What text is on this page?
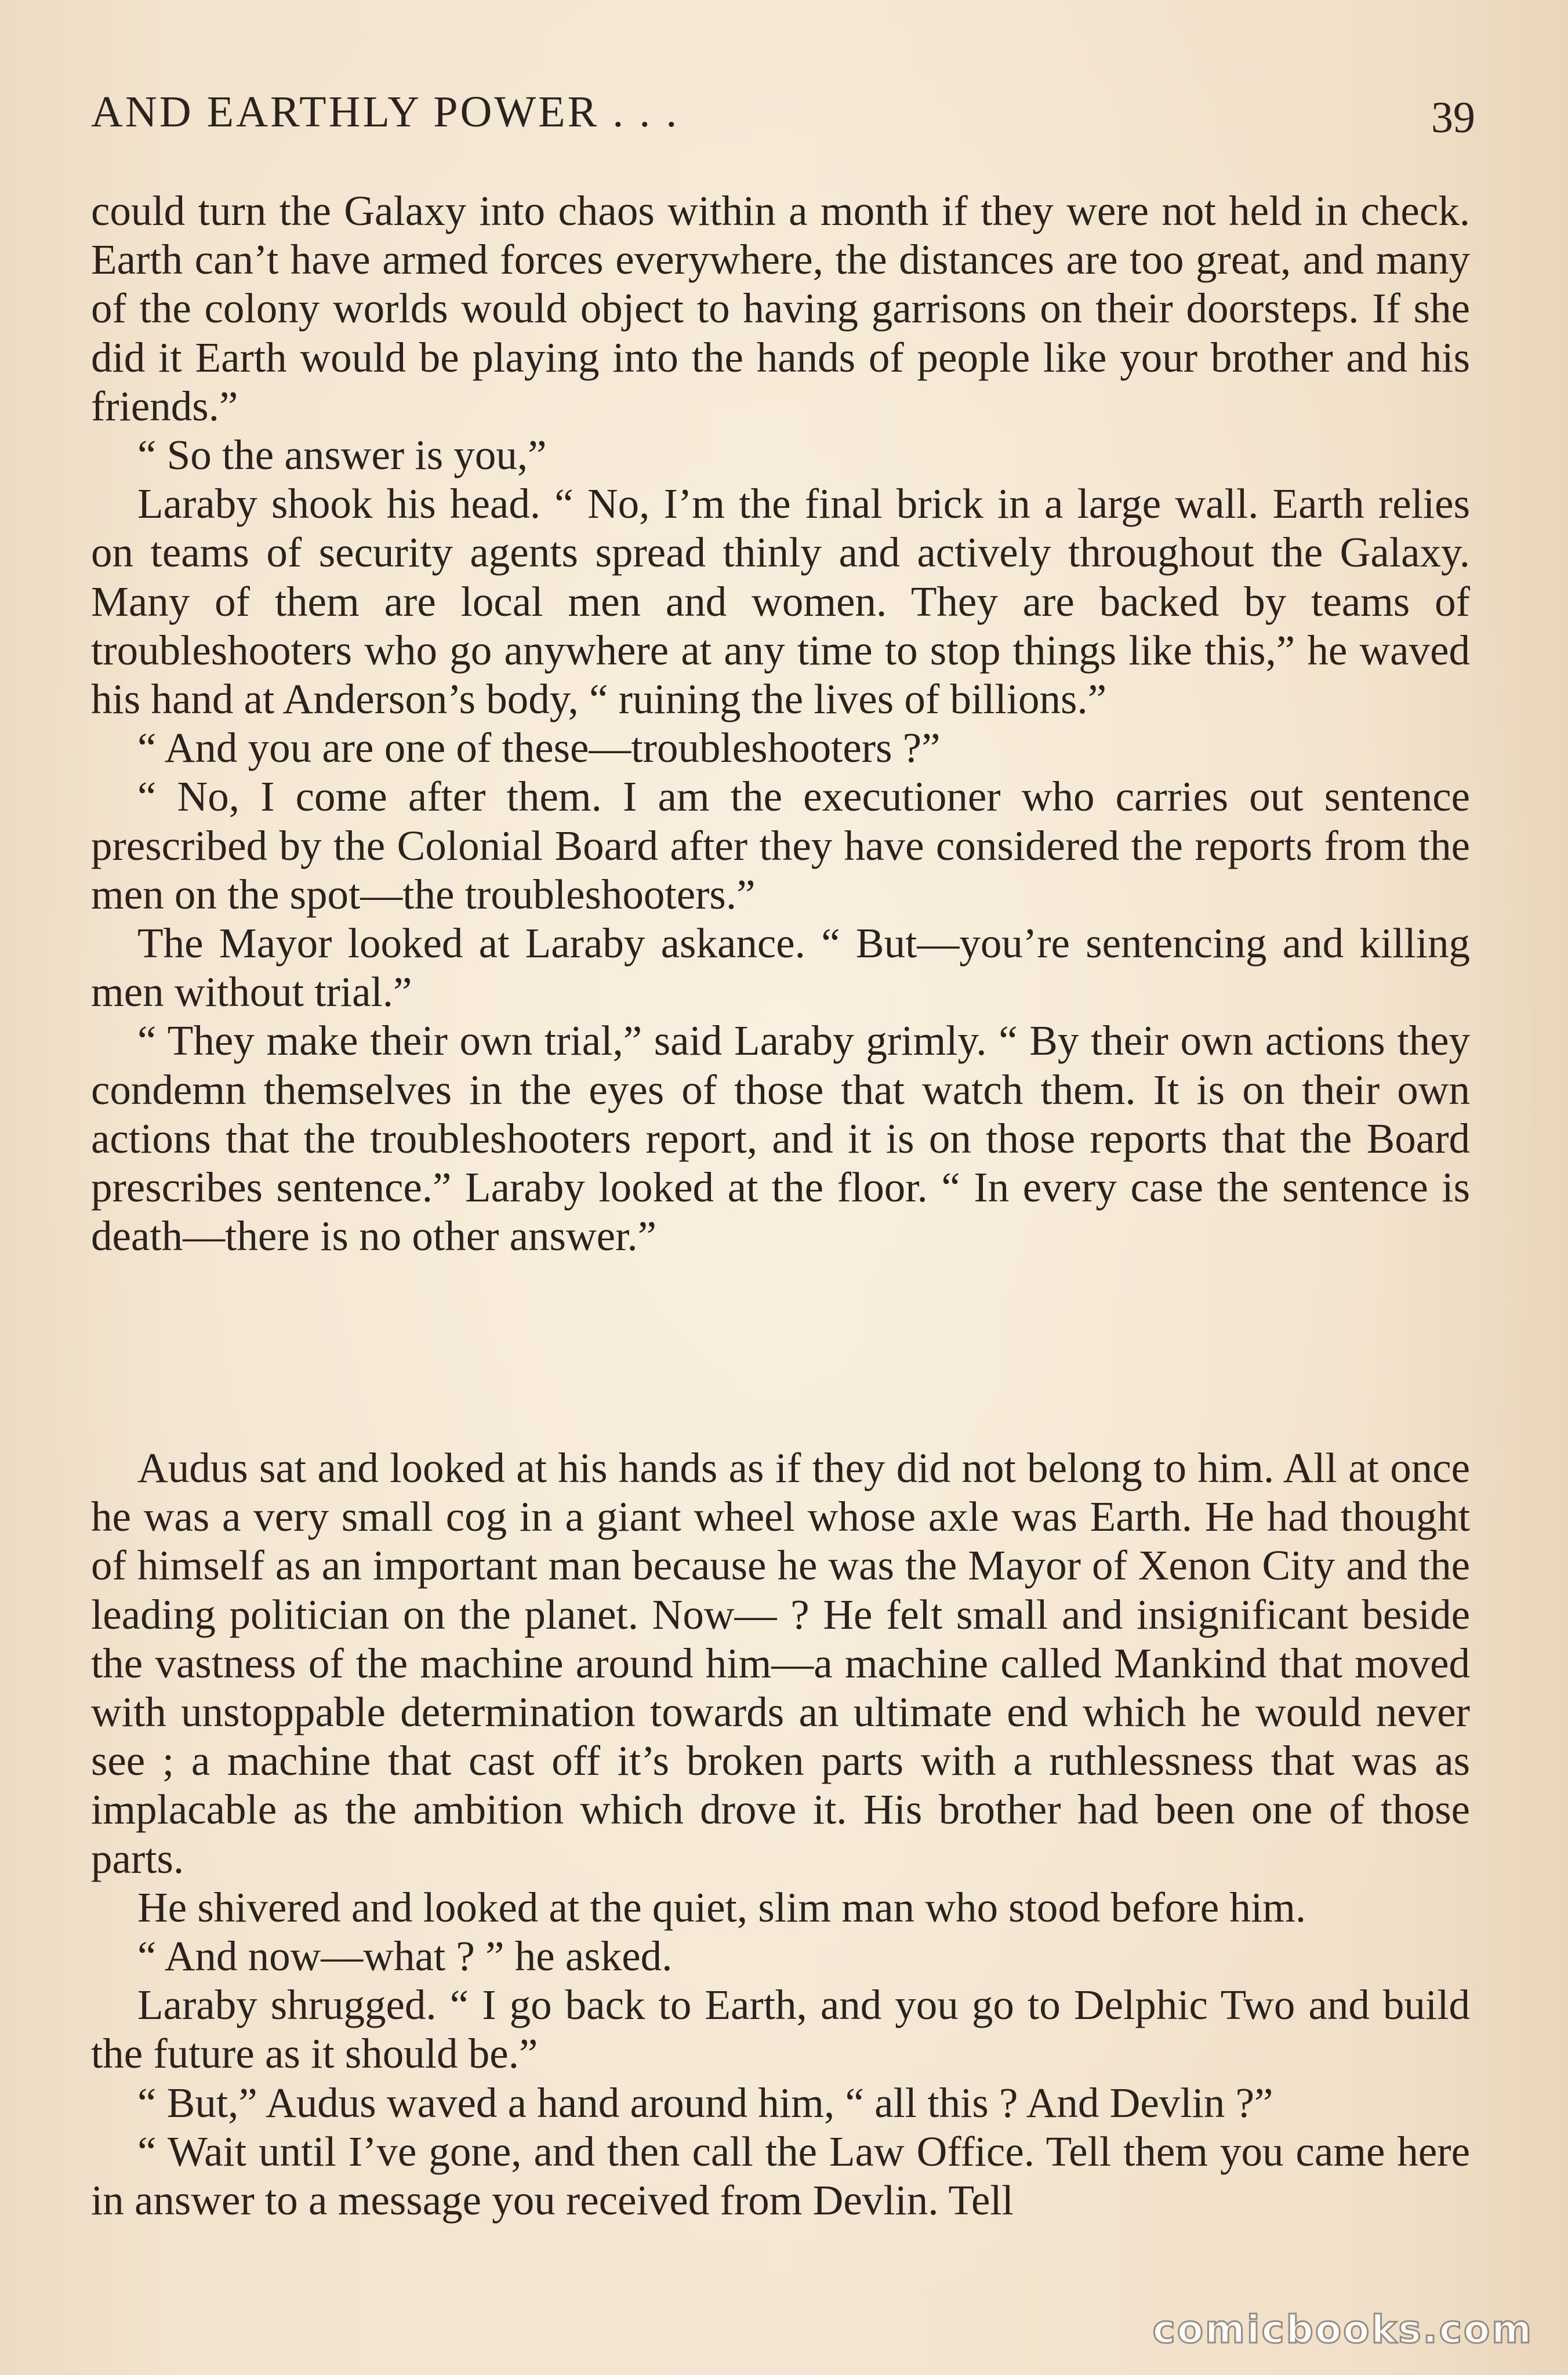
AND EARTHLY POWER . . .	39

could turn the Galaxy into chaos within a month if they were not held in check. Earth can’t have armed forces everywhere, the distances are too great, and many of the colony worlds would object to having garrisons on their doorsteps. If she did it Earth would be playing into the hands of people like your brother and his friends.”

“ So the answer is you,”

Laraby shook his head. “ No, I’m the final brick in a large wall. Earth relies on teams of security agents spread thinly and actively throughout the Galaxy. Many of them are local men and women. They are backed by teams of troubleshooters who go anywhere at any time to stop things like this,” he waved his hand at Anderson’s body, “ ruining the lives of billions.”

“ And you are one of these—troubleshooters ?”

“ No, I come after them. I am the executioner who carries out sentence prescribed by the Colonial Board after they have considered the reports from the men on the spot—the troubleshooters.”

The Mayor looked at Laraby askance. “ But—you’re sentencing and killing men without trial.”

“ They make their own trial,” said Laraby grimly. “ By their own actions they condemn themselves in the eyes of those that watch them. It is on their own actions that the troubleshooters report, and it is on those reports that the Board prescribes sentence.” Laraby looked at the floor. “ In every case the sentence is death—there is no other answer.”

Audus sat and looked at his hands as if they did not belong to him. All at once he was a very small cog in a giant wheel whose axle was Earth. He had thought of himself as an important man because he was the Mayor of Xenon City and the leading politician on the planet. Now— ? He felt small and insignificant beside the vastness of the machine around him—a machine called Mankind that moved with unstoppable determination towards an ultimate end which he would never see ; a machine that cast off it’s broken parts with a ruthlessness that was as implacable as the ambition which drove it. His brother had been one of those parts.

He shivered and looked at the quiet, slim man who stood before him.

“ And now—what ? ” he asked.

Laraby shrugged. “ I go back to Earth, and you go to Delphic Two and build the future as it should be.”

“ But,” Audus waved a hand around him, “ all this ? And Devlin ?”

“ Wait until I’ve gone, and then call the Law Office. Tell them you came here in answer to a message you received from Devlin. Tell

comicbooks.com
